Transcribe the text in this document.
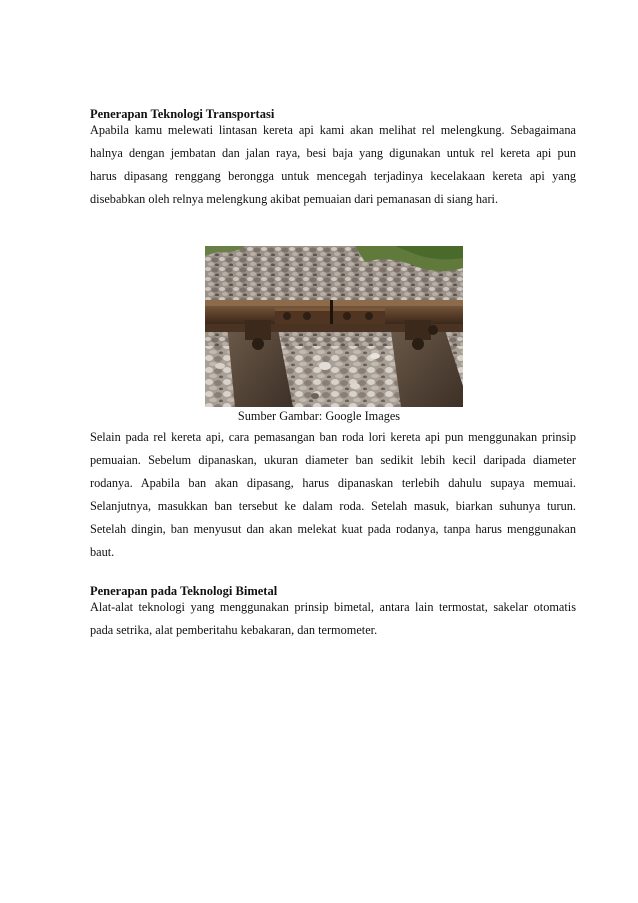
Penerapan Teknologi Transportasi
Apabila kamu melewati lintasan kereta api kami akan melihat rel melengkung. Sebagaimana
halnya dengan jembatan dan jalan raya, besi baja yang digunakan untuk rel kereta api pun
harus dipasang renggang berongga untuk mencegah terjadinya kecelakaan kereta api yang
disebabkan oleh relnya melengkung akibat pemuaian dari pemanasan di siang hari.
Sumber Gambar: Google Images
Selain pada rel kereta api, cara pemasangan ban roda lori kereta api pun menggunakan prinsip
pemuaian. Sebelum dipanaskan, ukuran diameter ban sedikit lebih kecil daripada diameter
rodanya. Apabila ban akan dipasang, harus dipanaskan terlebih dahulu supaya memuai.
Selanjutnya, masukkan ban tersebut ke dalam roda. Setelah masuk, biarkan suhunya turun.
Setelah dingin, ban menyusut dan akan melekat kuat pada rodanya, tanpa harus menggunakan
baut.
Penerapan pada Teknologi Bimetal
Alat-alat teknologi yang menggunakan prinsip bimetal, antara lain termostat, sakelar otomatis
pada setrika, alat pemberitahu kebakaran, dan termometer.
